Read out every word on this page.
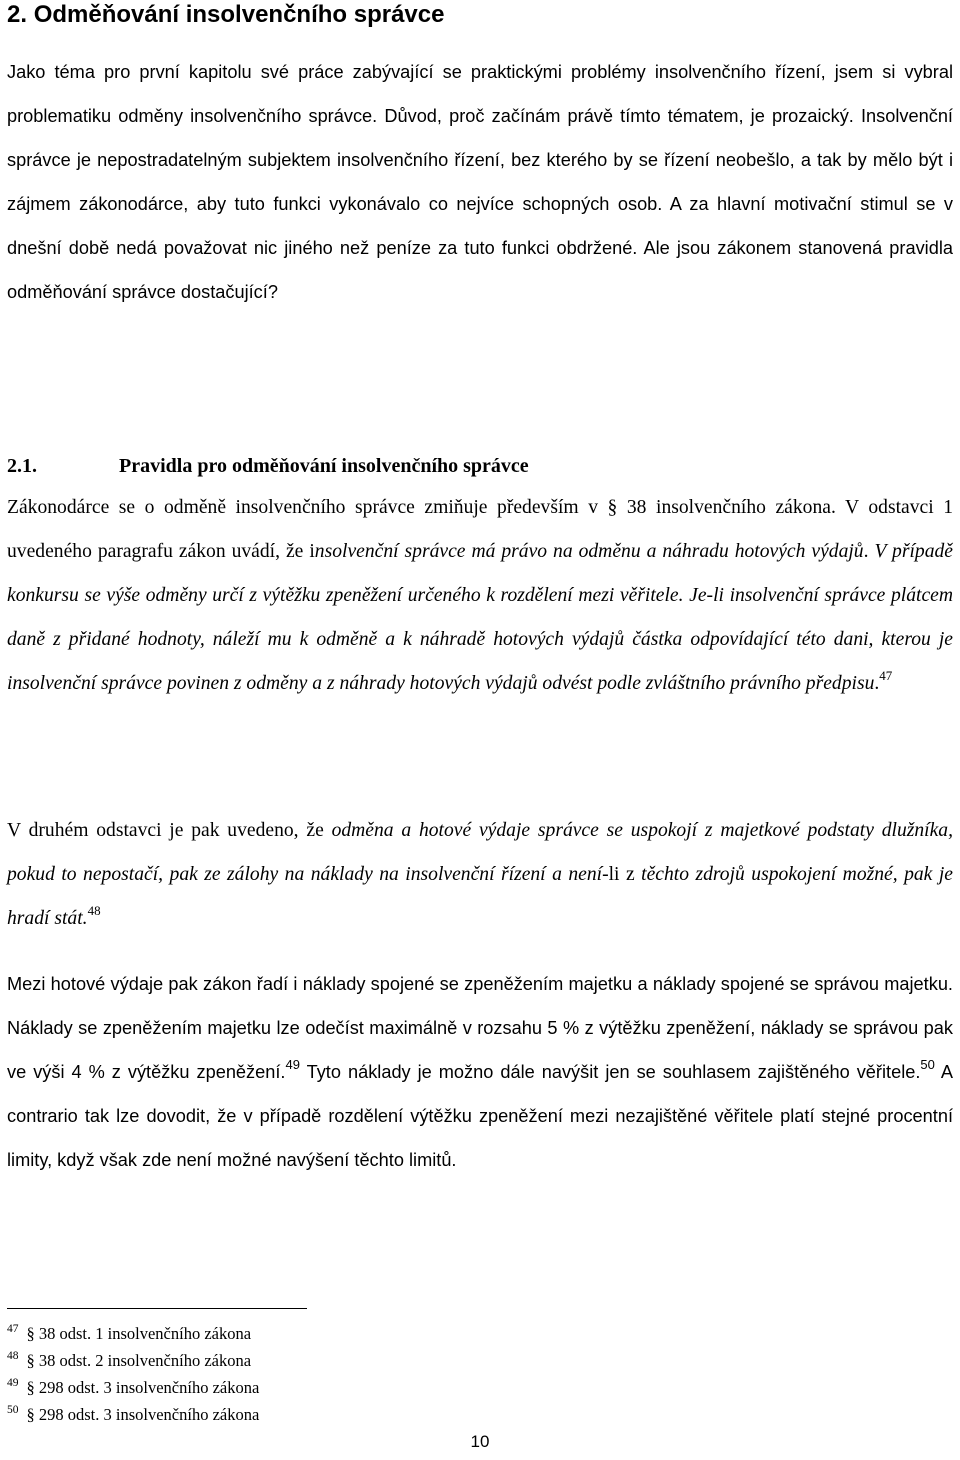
2. Odměňování insolvenčního správce

Jako téma pro první kapitolu své práce zabývající se praktickými problémy insolvenčního řízení, jsem si vybral problematiku odměny insolvenčního správce. Důvod, proč začínám právě tímto tématem, je prozaický. Insolvenční správce je nepostradatelným subjektem insolvenčního řízení, bez kterého by se řízení neobešlo, a tak by mělo být i zájmem zákonodárce, aby tuto funkci vykonávalo co nejvíce schopných osob. A za hlavní motivační stimul se v dnešní době nedá považovat nic jiného než peníze za tuto funkci obdržené. Ale jsou zákonem stanovená pravidla odměňování správce dostačující?

2.1.	Pravidla pro odměňování insolvenčního správce

Zákonodárce se o odměně insolvenčního správce zmiňuje především v § 38 insolvenčního zákona. V odstavci 1 uvedeného paragrafu zákon uvádí, že insolvenční správce má právo na odměnu a náhradu hotových výdajů. V případě konkursu se výše odměny určí z výtěžku zpeněžení určeného k rozdělení mezi věřitele. Je-li insolvenční správce plátcem daně z přidané hodnoty, náleží mu k odměně a k náhradě hotových výdajů částka odpovídající této dani, kterou je insolvenční správce povinen z odměny a z náhrady hotových výdajů odvést podle zvláštního právního předpisu.$^{47}$

V druhém odstavci je pak uvedeno, že odměna a hotové výdaje správce se uspokojí z majetkové podstaty dlužníka, pokud to nepostačí, pak ze zálohy na náklady na insolvenční řízení a není-li z těchto zdrojů uspokojení možné, pak je hradí stát.$^{48}$

Mezi hotové výdaje pak zákon řadí i náklady spojené se zpeněžením majetku a náklady spojené se správou majetku. Náklady se zpeněžením majetku lze odečíst maximálně v rozsahu 5 % z výtěžku zpeněžení, náklady se správou pak ve výši 4 % z výtěžku zpeněžení.$^{49}$ Tyto náklady je možno dále navýšit jen se souhlasem zajištěného věřitele.$^{50}$ A contrario tak lze dovodit, že v případě rozdělení výtěžku zpeněžení mezi nezajištěné věřitele platí stejné procentní limity, když však zde není možné navýšení těchto limitů.

$^{47}$ § 38 odst. 1 insolvenčního zákona
$^{48}$ § 38 odst. 2 insolvenčního zákona
$^{49}$ § 298 odst. 3 insolvenčního zákona
$^{50}$ § 298 odst. 3 insolvenčního zákona
10
